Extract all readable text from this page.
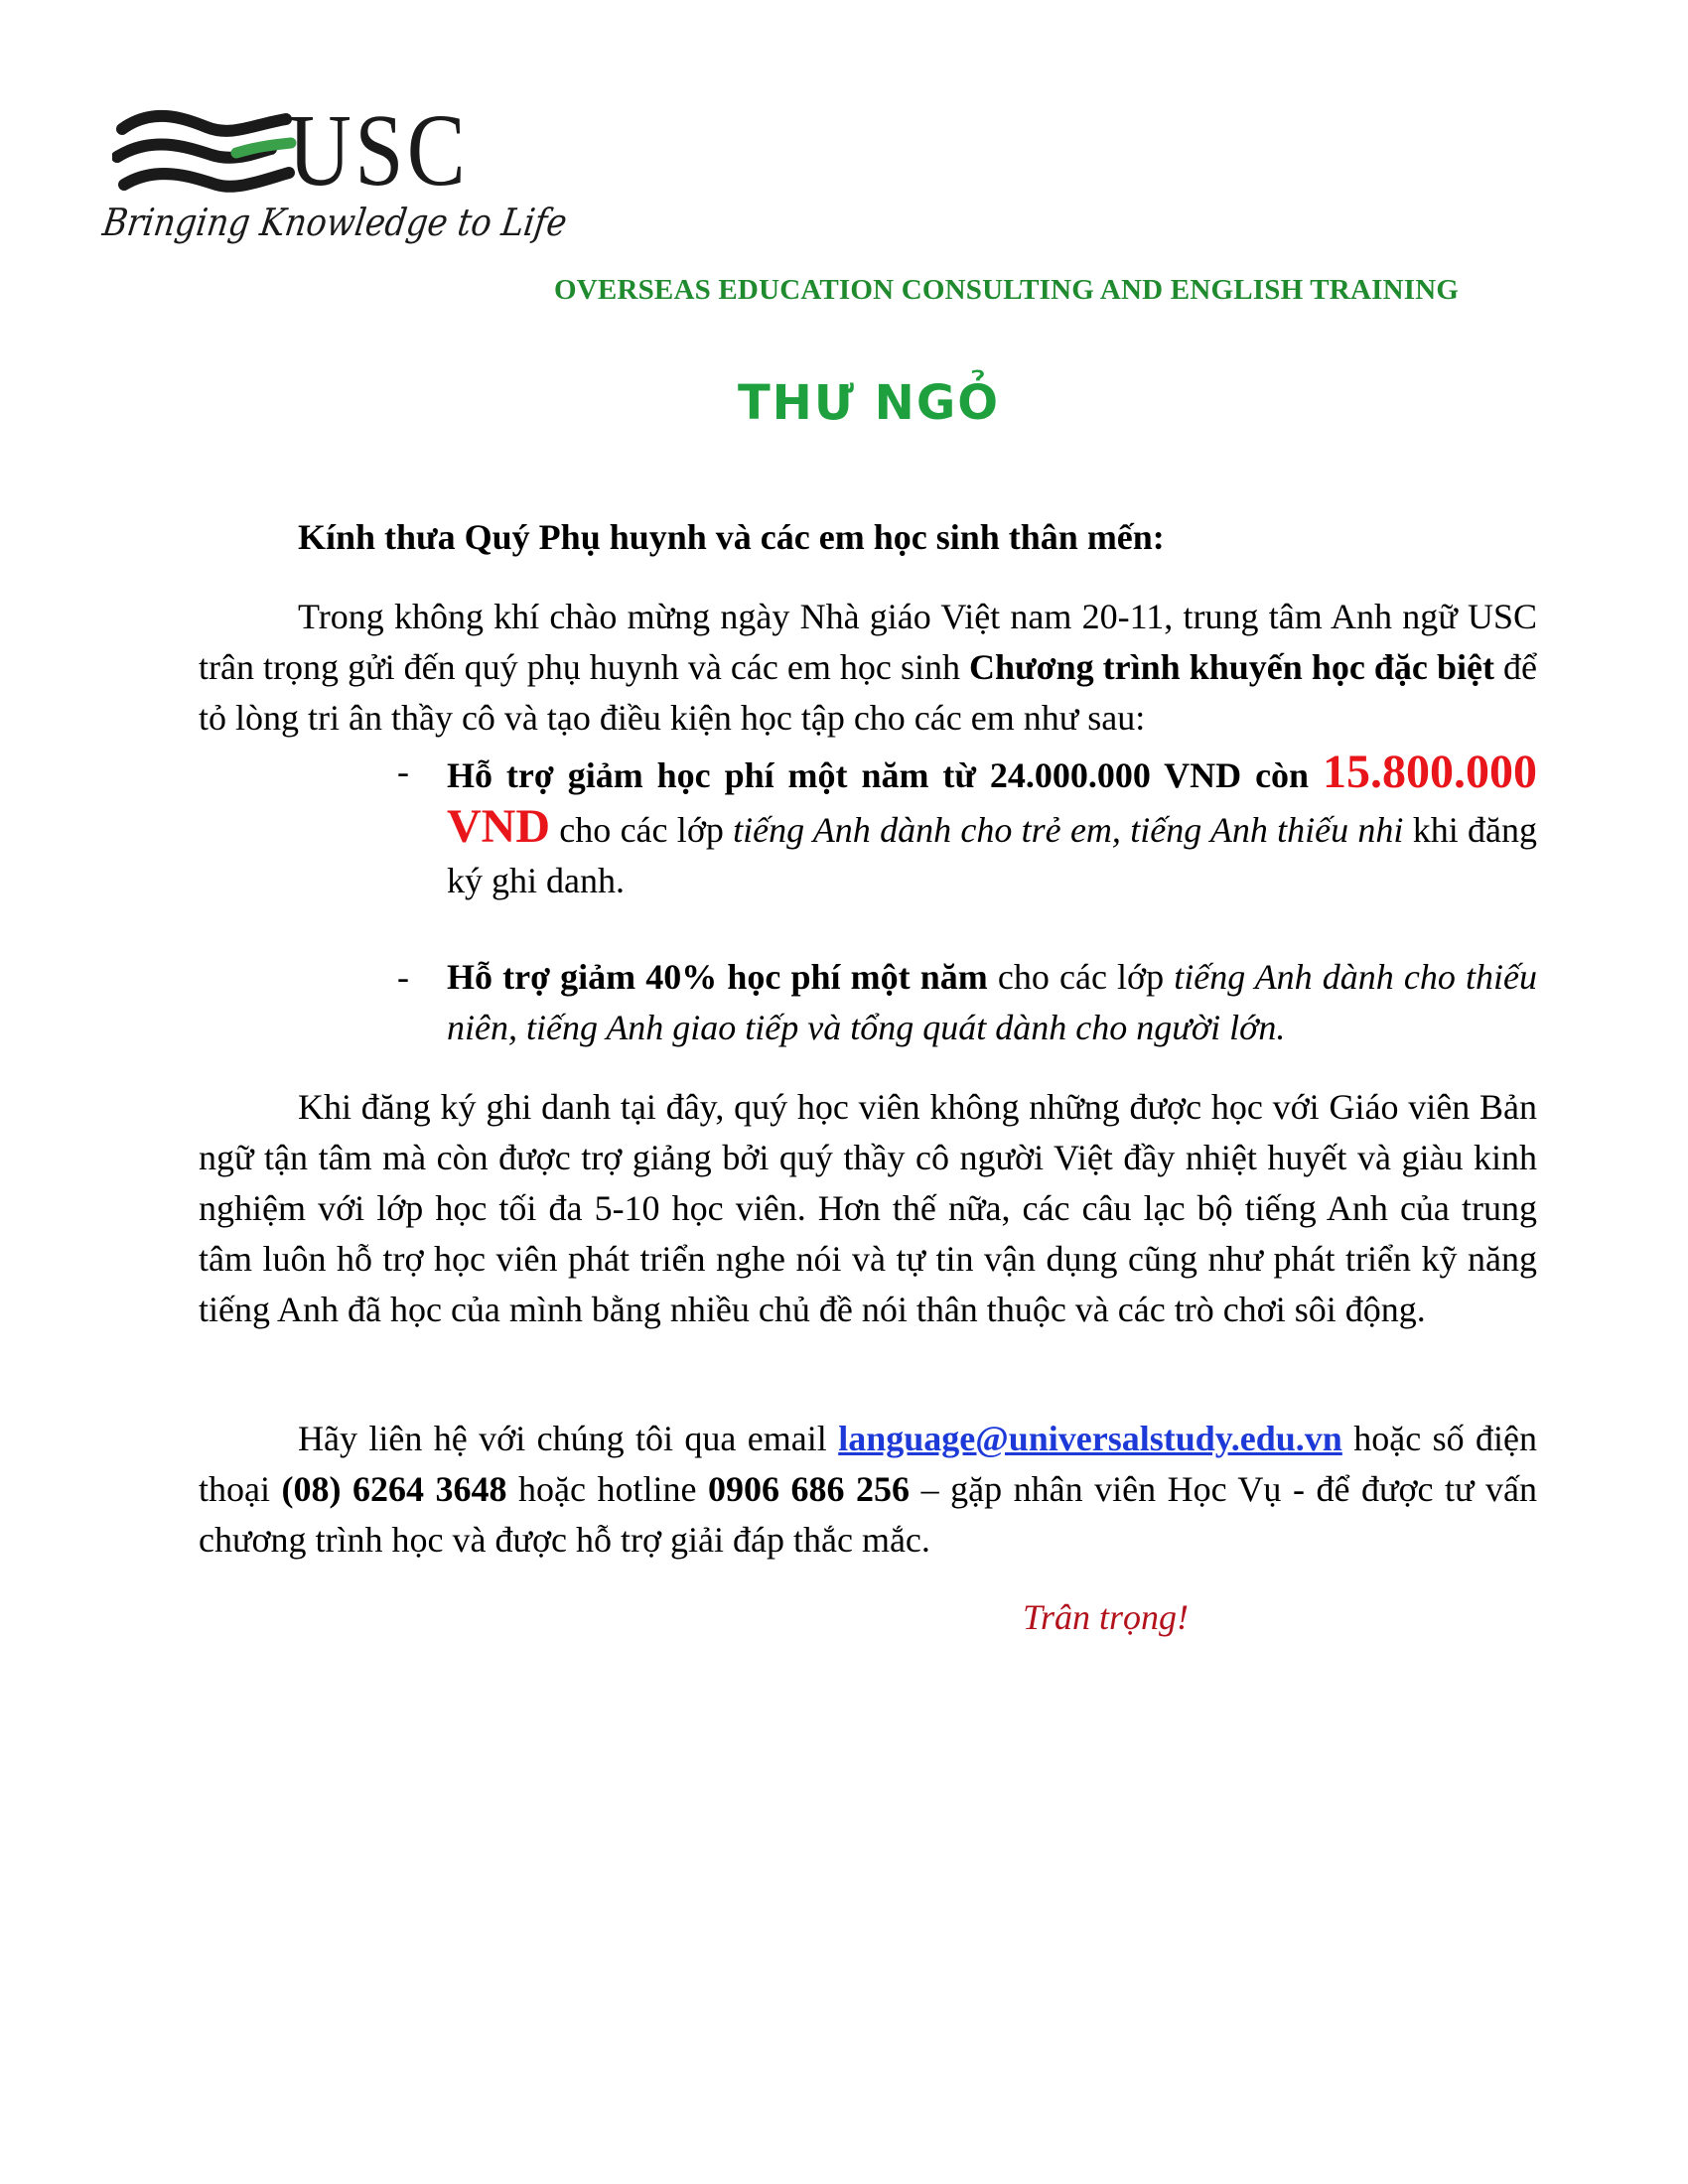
USC
Bringing Knowledge to Life
OVERSEAS EDUCATION CONSULTING AND ENGLISH TRAINING
THƯ NGỎ
Kính thưa Quý Phụ huynh và các em học sinh thân mến:
Trong không khí chào mừng ngày Nhà giáo Việt nam 20-11, trung tâm Anh ngữ USC trân trọng gửi đến quý phụ huynh và các em học sinh Chương trình khuyến học đặc biệt để tỏ lòng tri ân thầy cô và tạo điều kiện học tập cho các em như sau:
- Hỗ trợ giảm học phí một năm từ 24.000.000 VND còn 15.800.000 VND cho các lớp tiếng Anh dành cho trẻ em, tiếng Anh thiếu nhi khi đăng ký ghi danh.
- Hỗ trợ giảm 40% học phí một năm cho các lớp tiếng Anh dành cho thiếu niên, tiếng Anh giao tiếp và tổng quát dành cho người lớn.
Khi đăng ký ghi danh tại đây, quý học viên không những được học với Giáo viên Bản ngữ tận tâm mà còn được trợ giảng bởi quý thầy cô người Việt đầy nhiệt huyết và giàu kinh nghiệm với lớp học tối đa 5-10 học viên. Hơn thế nữa, các câu lạc bộ tiếng Anh của trung tâm luôn hỗ trợ học viên phát triển nghe nói và tự tin vận dụng cũng như phát triển kỹ năng tiếng Anh đã học của mình bằng nhiều chủ đề nói thân thuộc và các trò chơi sôi động.
Hãy liên hệ với chúng tôi qua email language@universalstudy.edu.vn hoặc số điện thoại (08) 6264 3648 hoặc hotline 0906 686 256 – gặp nhân viên Học Vụ - để được tư vấn chương trình học và được hỗ trợ giải đáp thắc mắc.
Trân trọng!
